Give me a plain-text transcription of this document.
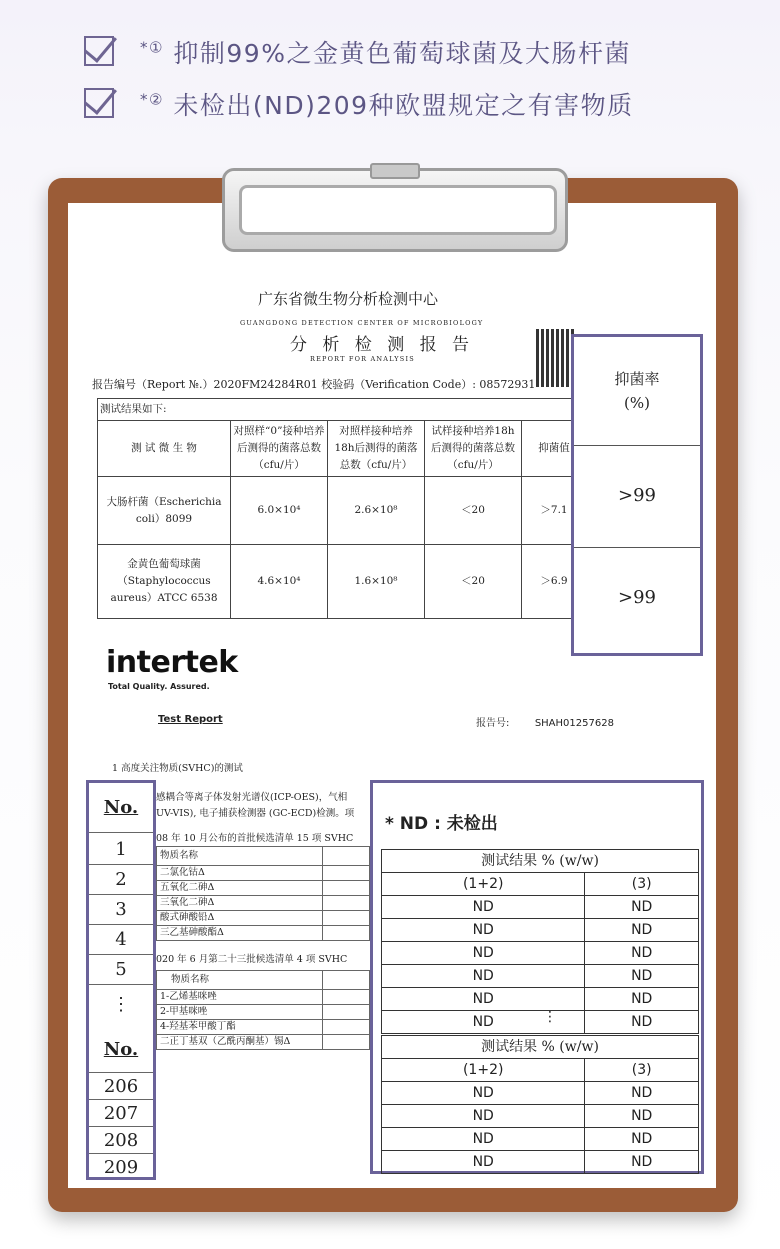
*① 抑制99%之金黄色葡萄球菌及大肠杆菌
*② 未检出(ND)209种欧盟规定之有害物质
广东省微生物分析检测中心
GUANGDONG DETECTION CENTER OF MICROBIOLOGY
分 析 检 测 报 告
REPORT FOR ANALYSIS
报告编号（Report №.）2020FM24284R01 校验码（Verification Code）: 08572931
测试结果如下:				
测 试 微 生 物	对照样“0”接种培养后测得的菌落总数（cfu/片）	对照样接种培养18h后测得的菌落总数（cfu/片）	试样接种培养18h后测得的菌落总数（cfu/片）	抑菌值
大肠杆菌（Escherichia coli）8099	6.0×10⁴	2.6×10⁸	＜20	＞7.1
金黄色葡萄球菌（Staphylococcus aureus）ATCC 6538	4.6×10⁴	1.6×10⁸	＜20	＞6.9
抑菌率
(%)
>99
>99
intertek
Total Quality. Assured.
Test Report	报告号:	SHAH01257628
1 高度关注物质(SVHC)的测试
感耦合等离子体发射光谱仪(ICP-OES)，气相
UV-VIS), 电子捕获检测器 (GC-ECD)检测。项
08 年 10 月公布的首批候选清单 15 项 SVHC
物质名称	
二氯化钴Δ	
五氧化二砷Δ	
三氧化二砷Δ	
酸式砷酸铅Δ	
三乙基砷酸酯Δ	
020 年 6 月第二十三批候选清单 4 项 SVHC
物质名称	
1-乙烯基咪唑	
2-甲基咪唑	
4-羟基苯甲酸丁酯	
二正丁基双（乙酰丙酮基）锡Δ	
No.
1
2
3
4
5
⋮
No.
206
207
208
209
* ND : 未检出
测试结果 % (w/w)	
(1+2)	(3)
ND	ND
ND	ND
ND	ND
ND	ND
ND	ND
ND	ND
⋮
测试结果 % (w/w)	
(1+2)	(3)
ND	ND
ND	ND
ND	ND
ND	ND
